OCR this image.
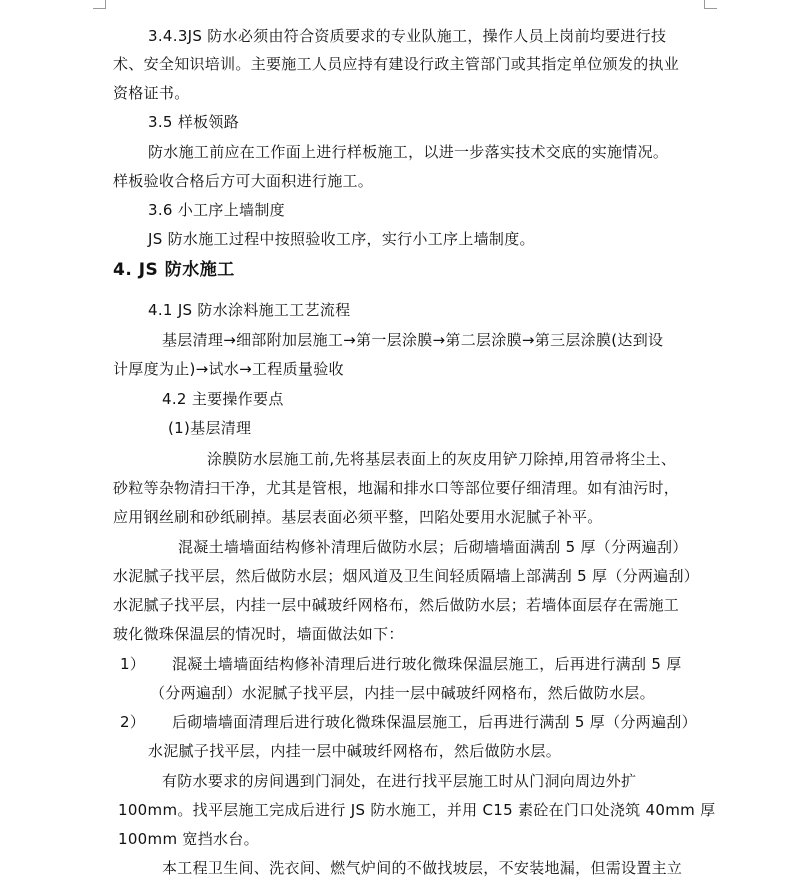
3.4.3JS 防水必须由符合资质要求的专业队施工，操作人员上岗前均要进行技
术、安全知识培训。主要施工人员应持有建设行政主管部门或其指定单位颁发的执业
资格证书。
3.5 样板领路
防水施工前应在工作面上进行样板施工，以进一步落实技术交底的实施情况。
样板验收合格后方可大面积进行施工。
3.6 小工序上墙制度
JS 防水施工过程中按照验收工序，实行小工序上墙制度。
4. JS 防水施工
4.1 JS 防水涂料施工工艺流程
基层清理→细部附加层施工→第一层涂膜→第二层涂膜→第三层涂膜(达到设
计厚度为止)→试水→工程质量验收
4.2 主要操作要点
(1)基层清理
涂膜防水层施工前,先将基层表面上的灰皮用铲刀除掉,用笤帚将尘土、
砂粒等杂物清扫干净，尤其是管根，地漏和排水口等部位要仔细清理。如有油污时，
应用钢丝刷和砂纸刷掉。基层表面必须平整，凹陷处要用水泥腻子补平。
混凝土墙墙面结构修补清理后做防水层；后砌墙墙面满刮 5 厚（分两遍刮）
水泥腻子找平层，然后做防水层；烟风道及卫生间轻质隔墙上部满刮 5 厚（分两遍刮）
水泥腻子找平层，内挂一层中碱玻纤网格布，然后做防水层；若墙体面层存在需施工
玻化微珠保温层的情况时，墙面做法如下：
1） 混凝土墙墙面结构修补清理后进行玻化微珠保温层施工，后再进行满刮 5 厚
（分两遍刮）水泥腻子找平层，内挂一层中碱玻纤网格布，然后做防水层。
2） 后砌墙墙面清理后进行玻化微珠保温层施工，后再进行满刮 5 厚（分两遍刮）
水泥腻子找平层，内挂一层中碱玻纤网格布，然后做防水层。
有防水要求的房间遇到门洞处，在进行找平层施工时从门洞向周边外扩
100mm。找平层施工完成后进行 JS 防水施工，并用 C15 素砼在门口处浇筑 40mm 厚
100mm 宽挡水台。
本工程卫生间、洗衣间、燃气炉间的不做找坡层，不安装地漏，但需设置主立
